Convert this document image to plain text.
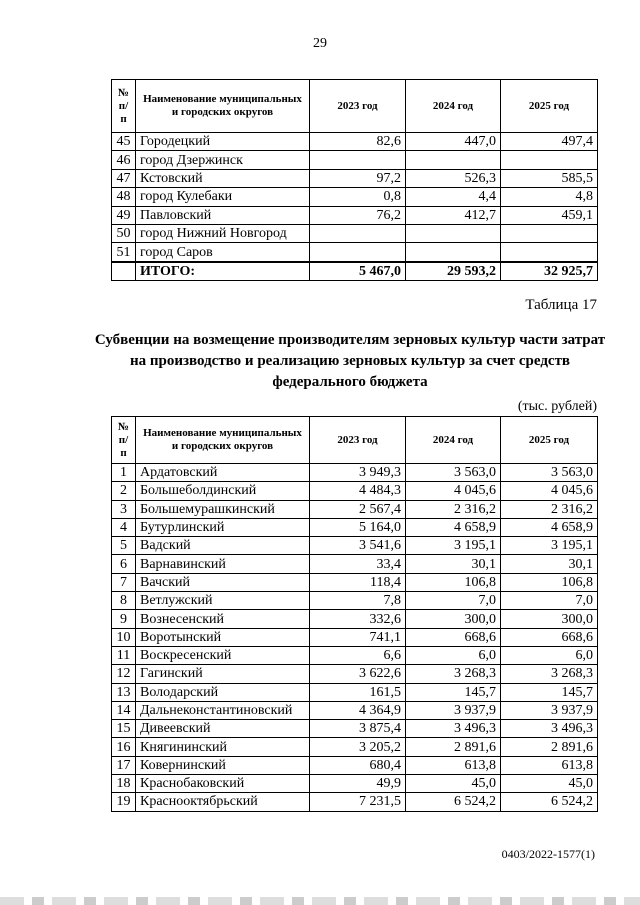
29
№ п/п	Наименование муниципальных и городских округов	2023 год	2024 год	2025 год
45	Городецкий	82,6	447,0	497,4
46	город Дзержинск			
47	Кстовский	97,2	526,3	585,5
48	город Кулебаки	0,8	4,4	4,8
49	Павловский	76,2	412,7	459,1
50	город Нижний Новгород			
51	город Саров			
	ИТОГО:	5 467,0	29 593,2	32 925,7
Таблица 17
Субвенции на возмещение производителям зерновых культур части затрат на производство и реализацию зерновых культур за счет средств федерального бюджета
(тыс. рублей)
№ п/п	Наименование муниципальных и городских округов	2023 год	2024 год	2025 год
1	Ардатовский	3 949,3	3 563,0	3 563,0
2	Большеболдинский	4 484,3	4 045,6	4 045,6
3	Большемурашкинский	2 567,4	2 316,2	2 316,2
4	Бутурлинский	5 164,0	4 658,9	4 658,9
5	Вадский	3 541,6	3 195,1	3 195,1
6	Варнавинский	33,4	30,1	30,1
7	Вачский	118,4	106,8	106,8
8	Ветлужский	7,8	7,0	7,0
9	Вознесенский	332,6	300,0	300,0
10	Воротынский	741,1	668,6	668,6
11	Воскресенский	6,6	6,0	6,0
12	Гагинский	3 622,6	3 268,3	3 268,3
13	Володарский	161,5	145,7	145,7
14	Дальнеконстантиновский	4 364,9	3 937,9	3 937,9
15	Дивеевский	3 875,4	3 496,3	3 496,3
16	Княгининский	3 205,2	2 891,6	2 891,6
17	Ковернинский	680,4	613,8	613,8
18	Краснобаковский	49,9	45,0	45,0
19	Краснооктябрьский	7 231,5	6 524,2	6 524,2
0403/2022-1577(1)
